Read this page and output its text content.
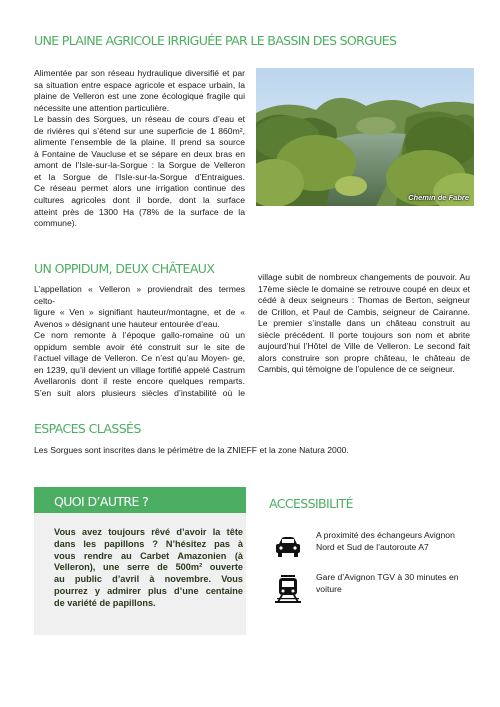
UNE PLAINE AGRICOLE IRRIGUÉE PAR LE BASSIN DES SORGUES

Alimentée par son réseau hydraulique diversifié et par
sa situation entre espace agricole et espace urbain, la
plaine de Velleron est une zone écologique fragile qui
nécessite une attention particulière.
Le bassin des Sorgues, un réseau de cours d’eau et
de rivières qui s’étend sur une superficie de 1 860m²,
alimente l’ensemble de la plaine. Il prend sa source
à Fontaine de Vaucluse et se sépare en deux bras en
amont de l’Isle-sur-la-Sorgue : la Sorgue de Velleron
et la Sorgue de l’Isle-sur-la-Sorgue d’Entraigues.
Ce réseau permet alors une irrigation continue des
cultures agricoles dont il borde, dont la surface
atteint près de 1300 Ha (78% de la surface de la
commune).

Chemin de Fabre
UN OPPIDUM, DEUX CHÂTEAUX

L’appellation « Velleron » proviendrait des termes celto-
ligure « Ven » signifiant hauteur/montagne, et de «
Avenos » désignant une hauteur entourée d’eau.
Ce nom remonte à l’époque gallo-romaine où un
oppidum semble avoir été construit sur le site de
l’actuel village de Velleron. Ce n’est qu’au Moyen- ge,
en 1239, qu’il devient un village fortifié appelé Castrum
Avellaronis dont il reste encore quelques remparts.
S’en suit alors plusieurs siècles d’instabilité où le

village subit de nombreux changements de pouvoir. Au
17ème siècle le domaine se retrouve coupé en deux et
cédé à deux seigneurs : Thomas de Berton, seigneur
de Crillon, et Paul de Cambis, seigneur de Cairanne.
Le premier s’installe dans un château construit au
siècle précédent. Il porte toujours son nom et abrite
aujourd’hui l’Hôtel de Ville de Velleron. Le second fait
alors construire son propre château, le château de
Cambis, qui témoigne de l’opulence de ce seigneur.

ESPACES CLASSÉS

Les Sorgues sont inscrites dans le périmètre de la ZNIEFF et la zone Natura 2000.

QUOI D’AUTRE ?

Vous avez toujours rêvé d’avoir la tête
dans les papillons ? N’hésitez pas à
vous rendre au Carbet Amazonien (à
Velleron), une serre de 500m² ouverte
au public d’avril à novembre. Vous
pourrez y admirer plus d’une centaine
de variété de papillons.

ACCESSIBILITÉ

A proximité des échangeurs Avignon
Nord et Sud de l’autoroute A7

Gare d’Avignon TGV à 30 minutes en
voiture
